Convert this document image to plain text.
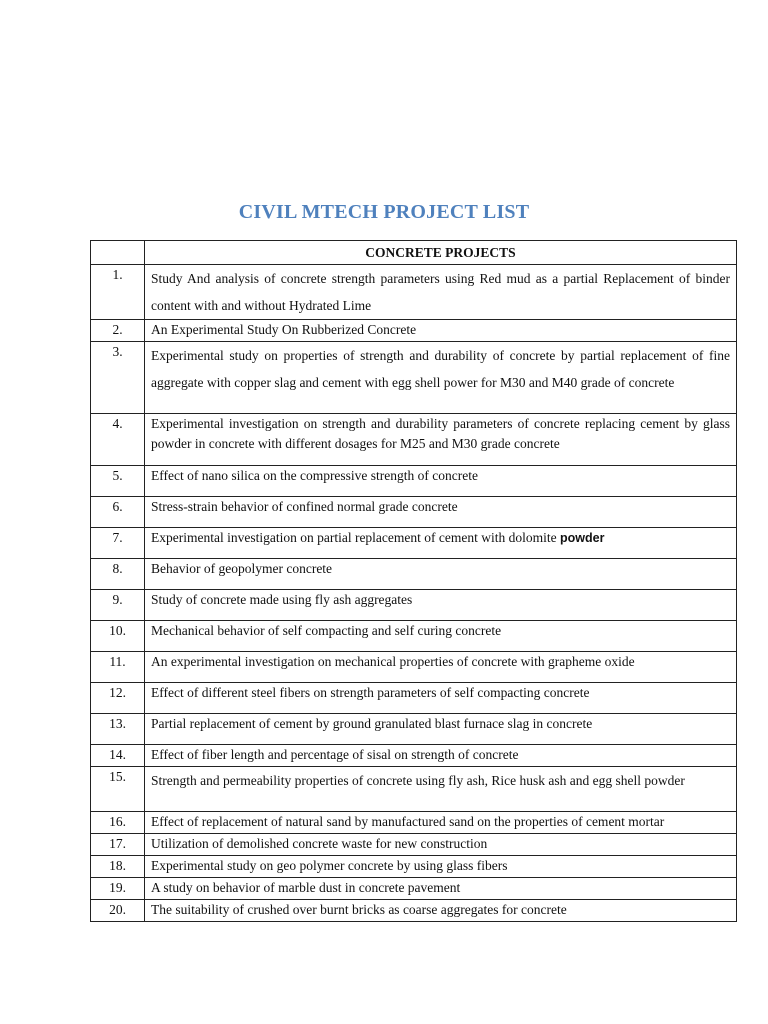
CIVIL MTECH PROJECT LIST
	CONCRETE PROJECTS
1.	Study And analysis of concrete strength parameters using Red mud as a partial Replacement of binder content with and without Hydrated Lime
2.	An Experimental Study On Rubberized Concrete
3.	Experimental study on properties of strength and durability of concrete by partial replacement of fine aggregate with copper slag and cement with egg shell power for M30 and M40 grade of concrete
4.	Experimental investigation on strength and durability parameters of concrete replacing cement by glass powder in concrete with different dosages for M25 and M30 grade concrete
5.	Effect of nano silica on the compressive strength of concrete
6.	Stress-strain behavior of confined normal grade concrete
7.	Experimental investigation on partial replacement of cement with dolomite powder
8.	Behavior of geopolymer concrete
9.	Study of concrete made using fly ash aggregates
10.	Mechanical behavior of self compacting and self curing concrete
11.	An experimental investigation on mechanical properties of concrete with grapheme oxide
12.	Effect of different steel fibers on strength parameters of self compacting concrete
13.	Partial replacement of cement by ground granulated blast furnace slag in concrete
14.	Effect of fiber length and percentage of sisal on strength of concrete
15.	Strength and permeability properties of concrete using fly ash, Rice husk ash and egg shell powder
16.	Effect of replacement of natural sand by manufactured sand on the properties of cement mortar
17.	Utilization of demolished concrete waste for new construction
18.	Experimental study on geo polymer concrete by using glass fibers
19.	A study on behavior of marble dust in concrete pavement
20.	The suitability of crushed over burnt bricks as coarse aggregates for concrete
